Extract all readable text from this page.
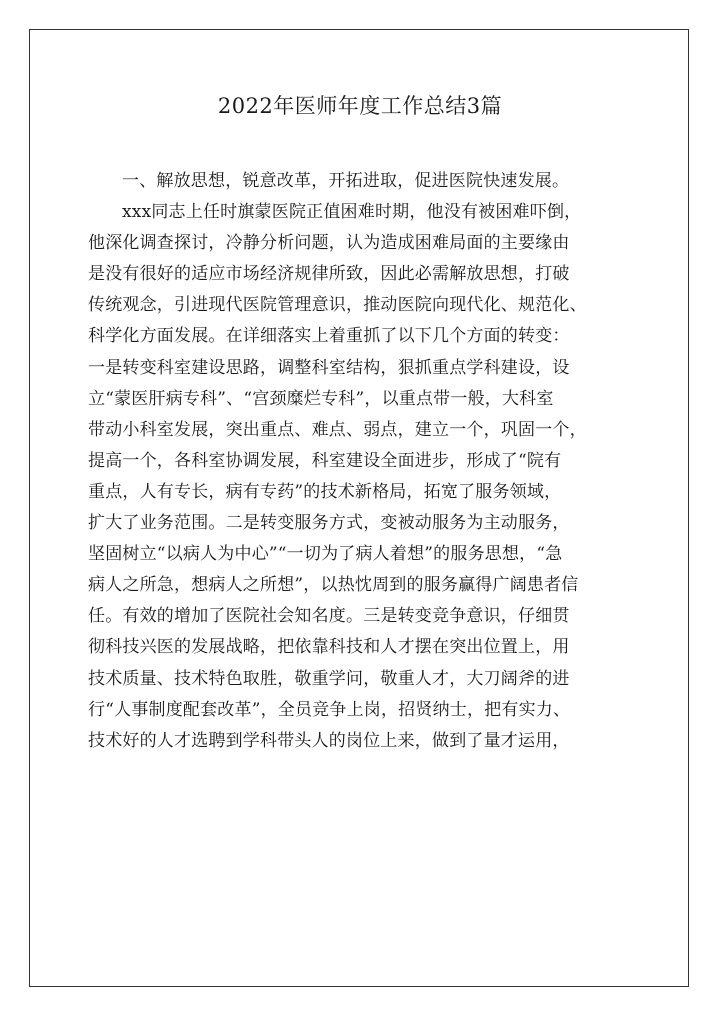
2022年医师年度工作总结3篇
一、解放思想，锐意改革，开拓进取，促进医院快速发展。
xxx同志上任时旗蒙医院正值困难时期，他没有被困难吓倒，
他深化调查探讨，冷静分析问题，认为造成困难局面的主要缘由
是没有很好的适应市场经济规律所致，因此必需解放思想，打破
传统观念，引进现代医院管理意识，推动医院向现代化、规范化、
科学化方面发展。在详细落实上着重抓了以下几个方面的转变：
一是转变科室建设思路，调整科室结构，狠抓重点学科建设，设
立“蒙医肝病专科”、“宫颈糜烂专科”，以重点带一般，大科室
带动小科室发展，突出重点、难点、弱点，建立一个，巩固一个，
提高一个，各科室协调发展，科室建设全面进步，形成了“院有
重点，人有专长，病有专药”的技术新格局，拓宽了服务领域，
扩大了业务范围。二是转变服务方式，变被动服务为主动服务，
坚固树立“以病人为中心”“一切为了病人着想”的服务思想，“急
病人之所急，想病人之所想”，以热忱周到的服务赢得广阔患者信
任。有效的增加了医院社会知名度。三是转变竞争意识，仔细贯
彻科技兴医的发展战略，把依靠科技和人才摆在突出位置上，用
技术质量、技术特色取胜，敬重学问，敬重人才，大刀阔斧的进
行“人事制度配套改革”，全员竞争上岗，招贤纳士，把有实力、
技术好的人才选聘到学科带头人的岗位上来，做到了量才运用，
